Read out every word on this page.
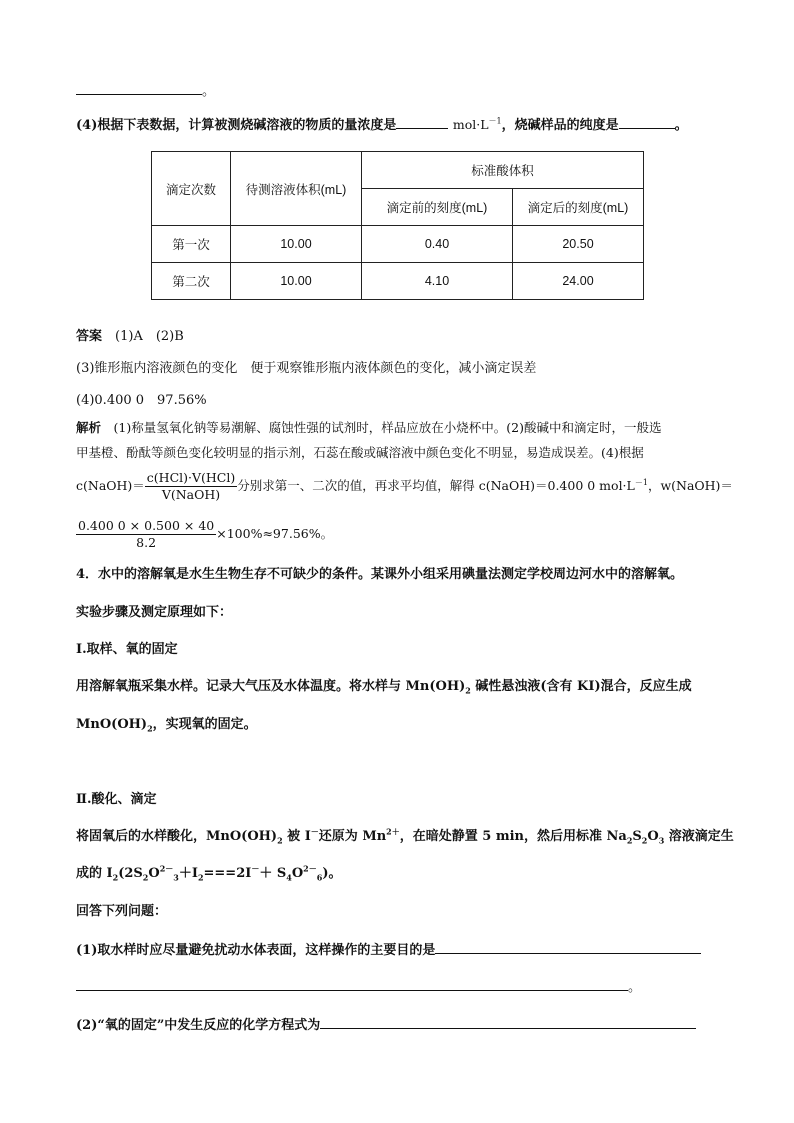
。
(4)根据下表数据，计算被测烧碱溶液的物质的量浓度是	$mol\cdot L^{-1}$，烧碱样品的纯度是	。
滴定次数	待测溶液体积(mL)	标准酸体积	
		滴定前的刻度(mL)	滴定后的刻度(mL)
第一次	10.00	0.40	20.50
第二次	10.00	4.10	24.00
答案　 (1)A　(2)B
(3)锥形瓶内溶液颜色的变化　便于观察锥形瓶内液体颜色的变化，减小滴定误差
(4)0.400 0　97.56%
解析　 (1)称量氢氧化钠等易潮解、腐蚀性强的试剂时，样品应放在小烧杯中。(2)酸碱中和滴定时，一般选
甲基橙、酚酞等颜色变化较明显的指示剂，石蕊在酸或碱溶液中颜色变化不明显，易造成误差。(4)根据
c(NaOH)＝ $\frac{\text{c(HCl)·V(HCl)}}{\text{V(NaOH)}}$ 分别求第一、二次的值，再求平均值，解得 c(NaOH)＝0.400 0 $mol\cdot L^{-1}$，w(NaOH)＝
$\frac{0.400 0 \times 0.500 \times 40}{8.2} \times 100\%\approx 97.56\%$。
4．水中的溶解氧是水生生物生存不可缺少的条件。某课外小组采用碘量法测定学校周边河水中的溶解氧。
实验步骤及测定原理如下：
Ⅰ.取样、氧的固定
用溶解氧瓶采集水样。记录大气压及水体温度。将水样与 $Mn(OH)_2$ 碱性悬浊液(含有 KI)混合，反应生成
$MnO(OH)_2$，实现氧的固定。
Ⅱ.酸化、滴定
将固氧后的水样酸化，$MnO(OH)_2$ 被 I－还原为 $Mn^{2+}$，在暗处静置 5 min，然后用标准 $Na_2S_2O_3$ 溶液滴定生
成的 $I_2(2S_2O^{2-}_3+I_2===2I^-+ S_4O^{2-}_6)$。
回答下列问题：
(1)取水样时应尽量避免扰动水体表面，这样操作的主要目的是
。
(2)“氧的固定”中发生反应的化学方程式为
